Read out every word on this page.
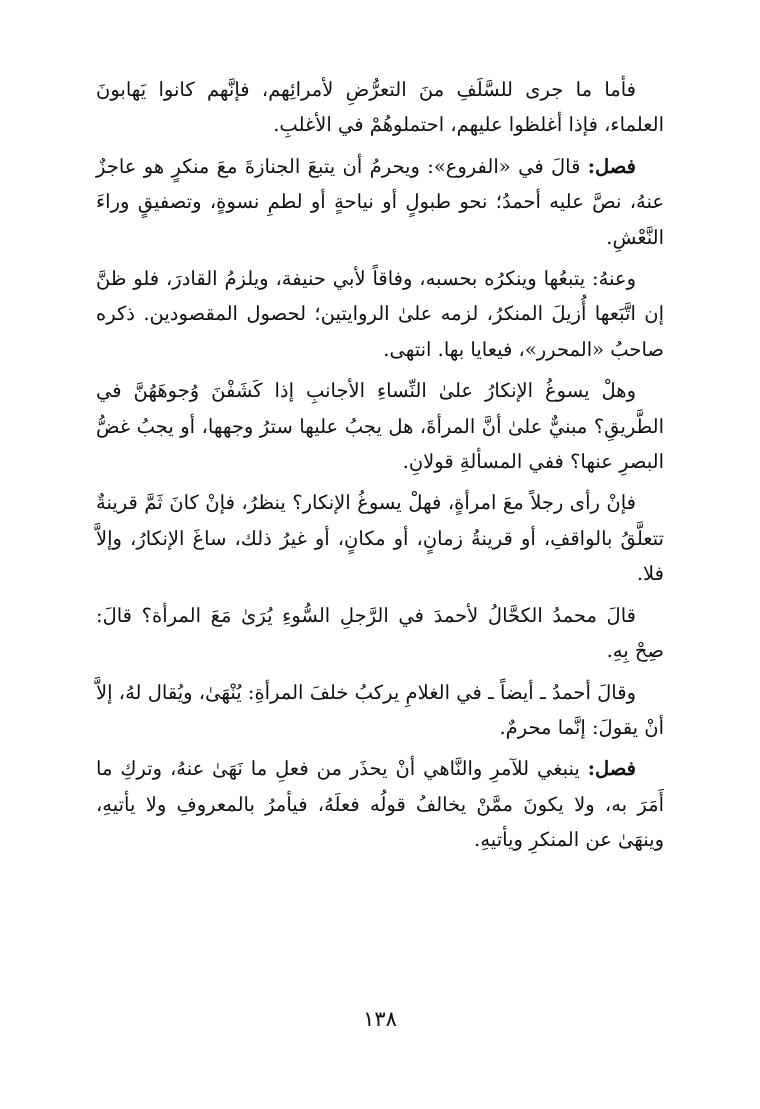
فأما ما جرى للسَّلَفِ منَ التعرُّضِ لأمرائِهم، فإنَّهم كانوا يَهابونَ العلماء، فإذا أغلظوا عليهم، احتملوهُمْ في الأغلبِ.

فصل: قالَ في «الفروع»: ويحرمُ أن يتبعَ الجنازةَ معَ منكرٍ هو عاجزٌ عنهُ، نصَّ عليه أحمدُ؛ نحو طبولٍ أو نياحةٍ أو لطمِ نسوةٍ، وتصفيقٍ وراءَ النَّعْشِ.

وعنهُ: يتبعُها وينكرُه بحسبه، وفاقاً لأبي حنيفة، ويلزمُ القادرَ، فلو ظنَّ إن اتَّبَعها أُزيلَ المنكرُ، لزمه علىٰ الروايتين؛ لحصول المقصودين. ذكره صاحبُ «المحرر»، فيعايا بها. انتهى.

وهلْ يسوغُ الإنكارُ علىٰ النِّساءِ الأجانبِ إذا كَشَفْنَ وُجوهَهُنَّ في الطَّريقِ؟ مبنيٌّ علىٰ أنَّ المرأةَ، هل يجبُ عليها سترُ وجهها، أو يجبُ غضُّ البصرِ عنها؟ ففي المسألةِ قولانِ.

فإنْ رأى رجلاً معَ امرأةٍ، فهلْ يسوغُ الإنكار؟ ينظرُ، فإنْ كانَ ثَمَّ قرينةٌ تتعلَّقُ بالواقفِ، أو قرينةُ زمانٍ، أو مكانٍ، أو غيرُ ذلك، ساغَ الإنكارُ، وإلاَّ فلا.

قالَ محمدُ الكحَّالُ لأحمدَ في الرَّجلِ السُّوءِ يُرَىٰ مَعَ المرأة؟ قالَ: صِحْ بِهِ.

وقالَ أحمدُ ـ أيضاً ـ في الغلامِ يركبُ خلفَ المرأةِ: يُنْهَىٰ، ويُقال لهُ، إلاَّ أنْ يقولَ: إنَّما محرمٌ.

فصل: ينبغي للآمرِ والنَّاهي أنْ يحذَر من فعلِ ما نَهَىٰ عنهُ، وتركِ ما أَمَرَ به، ولا يكونَ ممَّنْ يخالفُ قولُه فعلَهُ، فيأمرُ بالمعروفِ ولا يأتيهِ، وينهَىٰ عن المنكرِ ويأتيهِ.

١٣٨
